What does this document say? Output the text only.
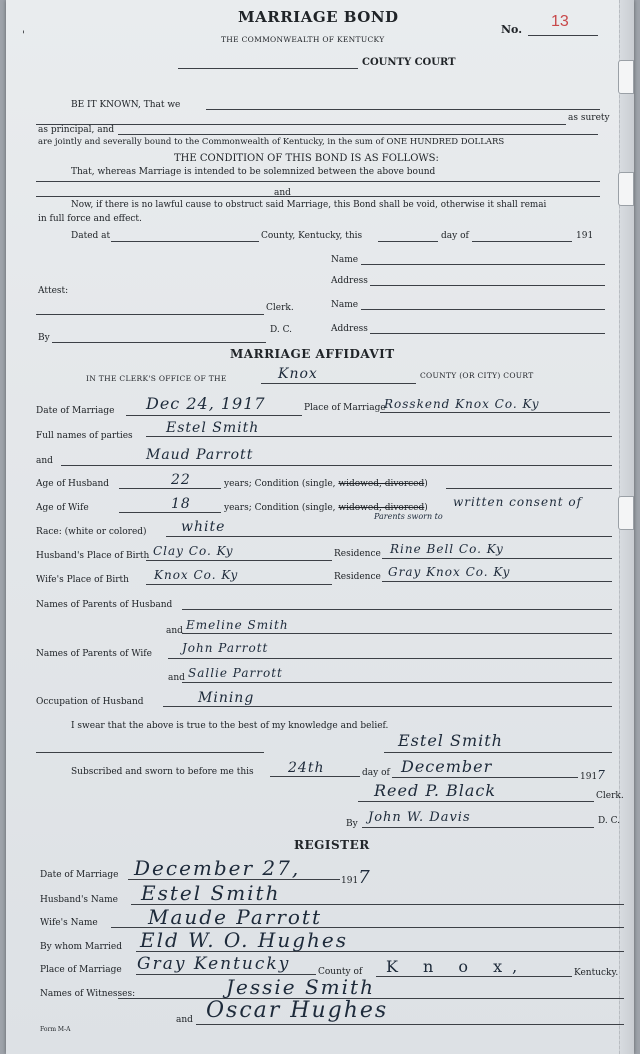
MARRIAGE BOND
THE COMMONWEALTH OF KENTUCKY
No. 13
'
COUNTY COURT
BE IT KNOWN, That we
as surety
as principal, and
are jointly and severally bound to the Commonwealth of Kentucky, in the sum of ONE HUNDRED DOLLARS
THE CONDITION OF THIS BOND IS AS FOLLOWS:
That, whereas Marriage is intended to be solemnized between the above bound
and
Now, if there is no lawful cause to obstruct said Marriage, this Bond shall be void, otherwise it shall remai
in full force and effect.
Dated at	County, Kentucky, this	day of	191
Name
Address
Attest:
Name
Clerk.
Address
By
D. C.
MARRIAGE AFFIDAVIT
IN THE CLERK'S OFFICE OF THE	Knox	COUNTY (OR CITY) COURT
Date of Marriage Dec 24, 1917	Place of Marriage
Rosskend Knox Co. Ky
Full names of parties Estel Smith
and	Maud Parrott
Age of Husband	22	years; Condition (single, widowed, divorced)
Age of Wife	18	years; Condition (single, widowed, divorced) written consent of
Parents sworn to
Race: (white or colored) white
Husband's Place of Birth Clay Co. Ky	Residence Rine Bell Co. Ky
Wife's Place of Birth Knox Co. Ky	Residence Gray Knox Co. Ky
Names of Parents of Husband
and Emeline Smith
Names of Parents of Wife	John Parrott
and Sallie Parrott
Occupation of Husband	Mining
I swear that the above is true to the best of my knowledge and belief.
Estel Smith
Subscribed and sworn to before me this 24th	day of December
1917
Reed P. Black	Clerk.
By John W. Davis	D. C.
REGISTER
Date of Marriage December 27,
1917
Husband's Name Estel Smith
Wife's Name	Maude Parrott
By whom Married Eld W. O. Hughes
Place of Marriage Gray Kentucky	County of K n o x,	Kentucky.
Names of Witnesses:	Jessie Smith
and Oscar Hughes
Form M-A
